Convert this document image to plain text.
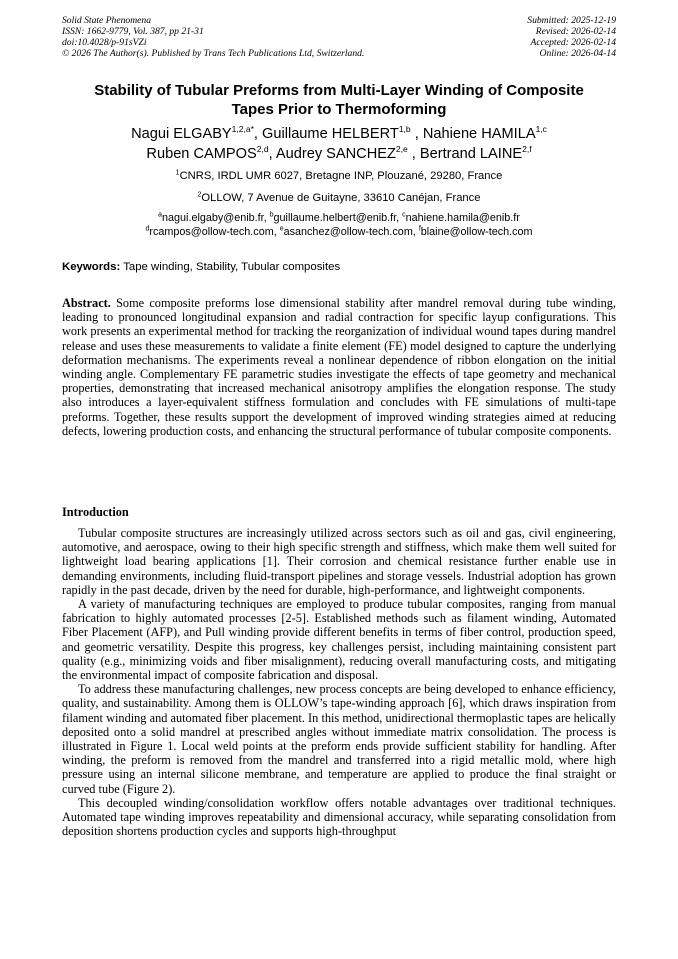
Solid State Phenomena	Submitted: 2025-12-19
ISSN: 1662-9779, Vol. 387, pp 21-31	Revised: 2026-02-14
doi:10.4028/p-91sVZi	Accepted: 2026-02-14
© 2026 The Author(s). Published by Trans Tech Publications Ltd, Switzerland.	Online: 2026-04-14
Stability of Tubular Preforms from Multi-Layer Winding of Composite
Tapes Prior to Thermoforming
Nagui $ELGABY^{1,2,a*}$, Guillaume HELBERT$^{1,b}$ , Nahiene HAMILA$^{1,c}$
Ruben CAMPOS$^{2,d}$, Audrey SANCHEZ$^{2,e}$ , Bertrand LAINE$^{2,f}$
$^1$CNRS, IRDL UMR 6027, Bretagne INP, Plouzané, 29280, France
$^2$OLLOW, 7 Avenue de Guitayne, 33610 Canéjan, France
$^a$nagui.elgaby@enib.fr, $^b$guillaume.helbert@enib.fr, $^c$nahiene.hamila@enib.fr
$^d$rcampos@ollow-tech.com, $^e$asanchez@ollow-tech.com, $^f$blaine@ollow-tech.com
Keywords: Tape winding, Stability, Tubular composites
Abstract. Some composite preforms lose dimensional stability after mandrel removal during tube winding, leading to pronounced longitudinal expansion and radial contraction for specific layup configurations. This work presents an experimental method for tracking the reorganization of individual wound tapes during mandrel release and uses these measurements to validate a finite element (FE) model designed to capture the underlying deformation mechanisms. The experiments reveal a nonlinear dependence of ribbon elongation on the initial winding angle. Complementary FE parametric studies investigate the effects of tape geometry and mechanical properties, demonstrating that increased mechanical anisotropy amplifies the elongation response. The study also introduces a layer-equivalent stiffness formulation and concludes with FE simulations of multi-tape preforms. Together, these results support the development of improved winding strategies aimed at reducing defects, lowering production costs, and enhancing the structural performance of tubular composite components.
Introduction

Tubular composite structures are increasingly utilized across sectors such as oil and gas, civil engineering, automotive, and aerospace, owing to their high specific strength and stiffness, which make them well suited for lightweight load bearing applications [1]. Their corrosion and chemical resistance further enable use in demanding environments, including fluid-transport pipelines and storage vessels. Industrial adoption has grown rapidly in the past decade, driven by the need for durable, high-performance, and lightweight components.

A variety of manufacturing techniques are employed to produce tubular composites, ranging from manual fabrication to highly automated processes [2-5]. Established methods such as filament winding, Automated Fiber Placement (AFP), and Pull winding provide different benefits in terms of fiber control, production speed, and geometric versatility. Despite this progress, key challenges persist, including maintaining consistent part quality (e.g., minimizing voids and fiber misalignment), reducing overall manufacturing costs, and mitigating the environmental impact of composite fabrication and disposal.

To address these manufacturing challenges, new process concepts are being developed to enhance efficiency, quality, and sustainability. Among them is OLLOW’s tape-winding approach [6], which draws inspiration from filament winding and automated fiber placement. In this method, unidirectional thermoplastic tapes are helically deposited onto a solid mandrel at prescribed angles without immediate matrix consolidation. The process is illustrated in Figure 1. Local weld points at the preform ends provide sufficient stability for handling. After winding, the preform is removed from the mandrel and transferred into a rigid metallic mold, where high pressure using an internal silicone membrane, and temperature are applied to produce the final straight or curved tube (Figure 2).

This decoupled winding/consolidation workflow offers notable advantages over traditional techniques. Automated tape winding improves repeatability and dimensional accuracy, while separating consolidation from deposition shortens production cycles and supports high-throughput
